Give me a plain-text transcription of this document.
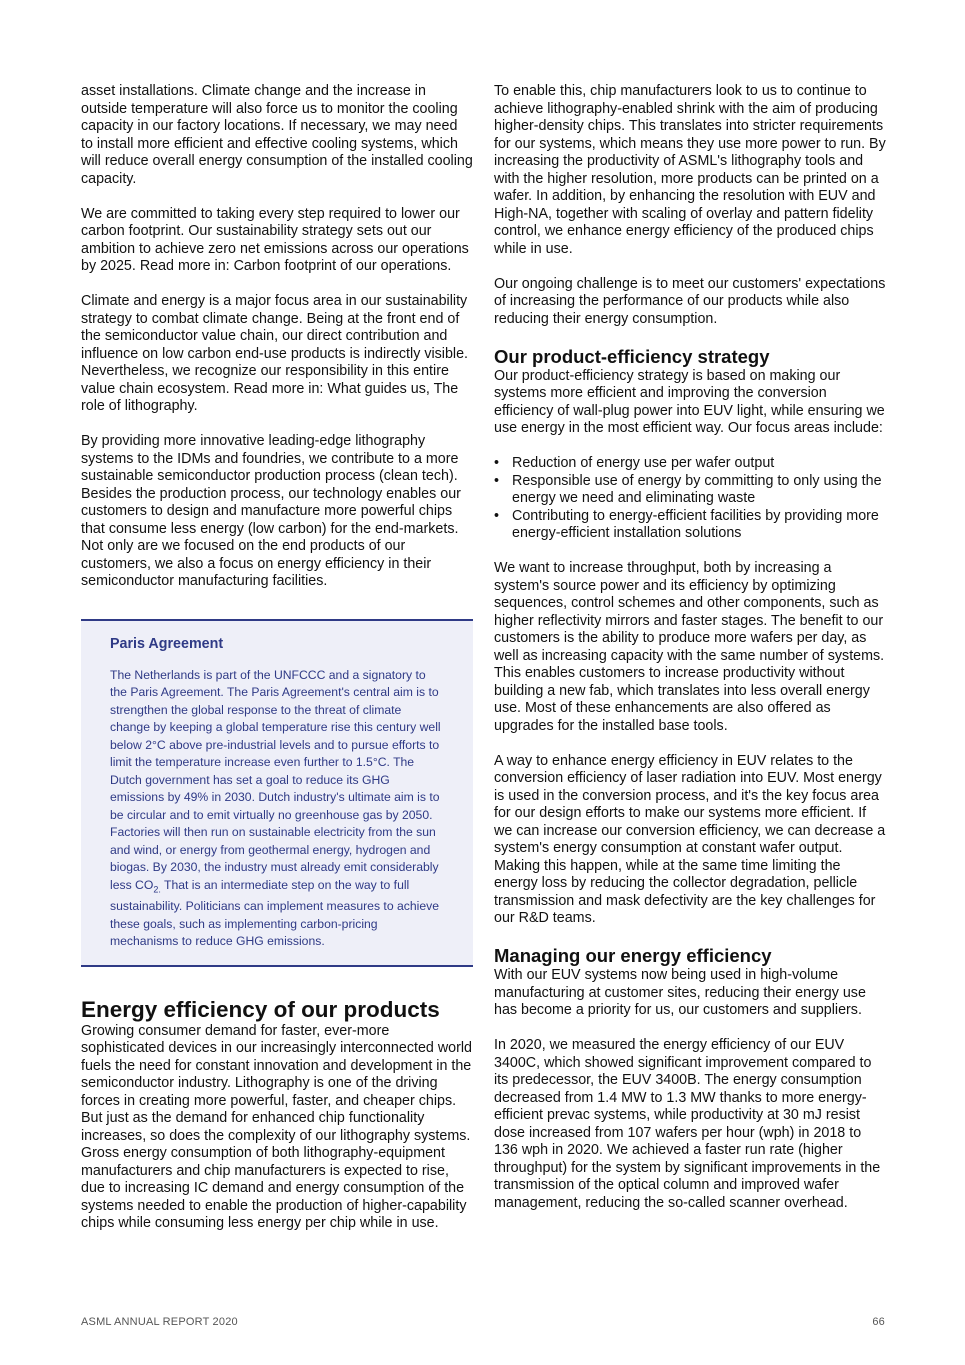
asset installations. Climate change and the increase in outside temperature will also force us to monitor the cooling capacity in our factory locations. If necessary, we may need to install more efficient and effective cooling systems, which will reduce overall energy consumption of the installed cooling capacity.

We are committed to taking every step required to lower our carbon footprint. Our sustainability strategy sets out our ambition to achieve zero net emissions across our operations by 2025. Read more in: Carbon footprint of our operations.

Climate and energy is a major focus area in our sustainability strategy to combat climate change. Being at the front end of the semiconductor value chain, our direct contribution and influence on low carbon end-use products is indirectly visible. Nevertheless, we recognize our responsibility in this entire value chain ecosystem. Read more in: What guides us, The role of lithography.

By providing more innovative leading-edge lithography systems to the IDMs and foundries, we contribute to a more sustainable semiconductor production process (clean tech). Besides the production process, our technology enables our customers to design and manufacture more powerful chips that consume less energy (low carbon) for the end-markets. Not only are we focused on the end products of our customers, we also a focus on energy efficiency in their semiconductor manufacturing facilities.

Paris Agreement

The Netherlands is part of the UNFCCC and a signatory to the Paris Agreement. The Paris Agreement's central aim is to strengthen the global response to the threat of climate change by keeping a global temperature rise this century well below 2°C above pre-industrial levels and to pursue efforts to limit the temperature increase even further to 1.5°C. The Dutch government has set a goal to reduce its GHG emissions by 49% in 2030. Dutch industry's ultimate aim is to be circular and to emit virtually no greenhouse gas by 2050. Factories will then run on sustainable electricity from the sun and wind, or energy from geothermal energy, hydrogen and biogas. By 2030, the industry must already emit considerably less $CO_{2.}$ That is an intermediate step on the way to full sustainability. Politicians can implement measures to achieve these goals, such as implementing carbon-pricing mechanisms to reduce GHG emissions.

Energy efficiency of our products

Growing consumer demand for faster, ever-more sophisticated devices in our increasingly interconnected world fuels the need for constant innovation and development in the semiconductor industry. Lithography is one of the driving forces in creating more powerful, faster, and cheaper chips. But just as the demand for enhanced chip functionality increases, so does the complexity of our lithography systems. Gross energy consumption of both lithography-equipment manufacturers and chip manufacturers is expected to rise, due to increasing IC demand and energy consumption of the systems needed to enable the production of higher-capability chips while consuming less energy per chip while in use.

To enable this, chip manufacturers look to us to continue to achieve lithography-enabled shrink with the aim of producing higher-density chips. This translates into stricter requirements for our systems, which means they use more power to run. By increasing the productivity of ASML's lithography tools and with the higher resolution, more products can be printed on a wafer. In addition, by enhancing the resolution with EUV and High-NA, together with scaling of overlay and pattern fidelity control, we enhance energy efficiency of the produced chips while in use.

Our ongoing challenge is to meet our customers' expectations of increasing the performance of our products while also reducing their energy consumption.

Our product-efficiency strategy

Our product-efficiency strategy is based on making our systems more efficient and improving the conversion efficiency of wall-plug power into EUV light, while ensuring we use energy in the most efficient way. Our focus areas include:

• Reduction of energy use per wafer output
• Responsible use of energy by committing to only using the energy we need and eliminating waste
• Contributing to energy-efficient facilities by providing more energy-efficient installation solutions

We want to increase throughput, both by increasing a system's source power and its efficiency by optimizing sequences, control schemes and other components, such as higher reflectivity mirrors and faster stages. The benefit to our customers is the ability to produce more wafers per day, as well as increasing capacity with the same number of systems. This enables customers to increase productivity without building a new fab, which translates into less overall energy use. Most of these enhancements are also offered as upgrades for the installed base tools.

A way to enhance energy efficiency in EUV relates to the conversion efficiency of laser radiation into EUV. Most energy is used in the conversion process, and it's the key focus area for our design efforts to make our systems more efficient. If we can increase our conversion efficiency, we can decrease a system's energy consumption at constant wafer output. Making this happen, while at the same time limiting the energy loss by reducing the collector degradation, pellicle transmission and mask defectivity are the key challenges for our R&D teams.

Managing our energy efficiency

With our EUV systems now being used in high-volume manufacturing at customer sites, reducing their energy use has become a priority for us, our customers and suppliers.

In 2020, we measured the energy efficiency of our EUV 3400C, which showed significant improvement compared to its predecessor, the EUV 3400B. The energy consumption decreased from 1.4 MW to 1.3 MW thanks to more energy-efficient prevac systems, while productivity at 30 mJ resist dose increased from 107 wafers per hour (wph) in 2018 to 136 wph in 2020. We achieved a faster run rate (higher throughput) for the system by significant improvements in the transmission of the optical column and improved wafer management, reducing the so-called scanner overhead.

ASML ANNUAL REPORT 2020	66
